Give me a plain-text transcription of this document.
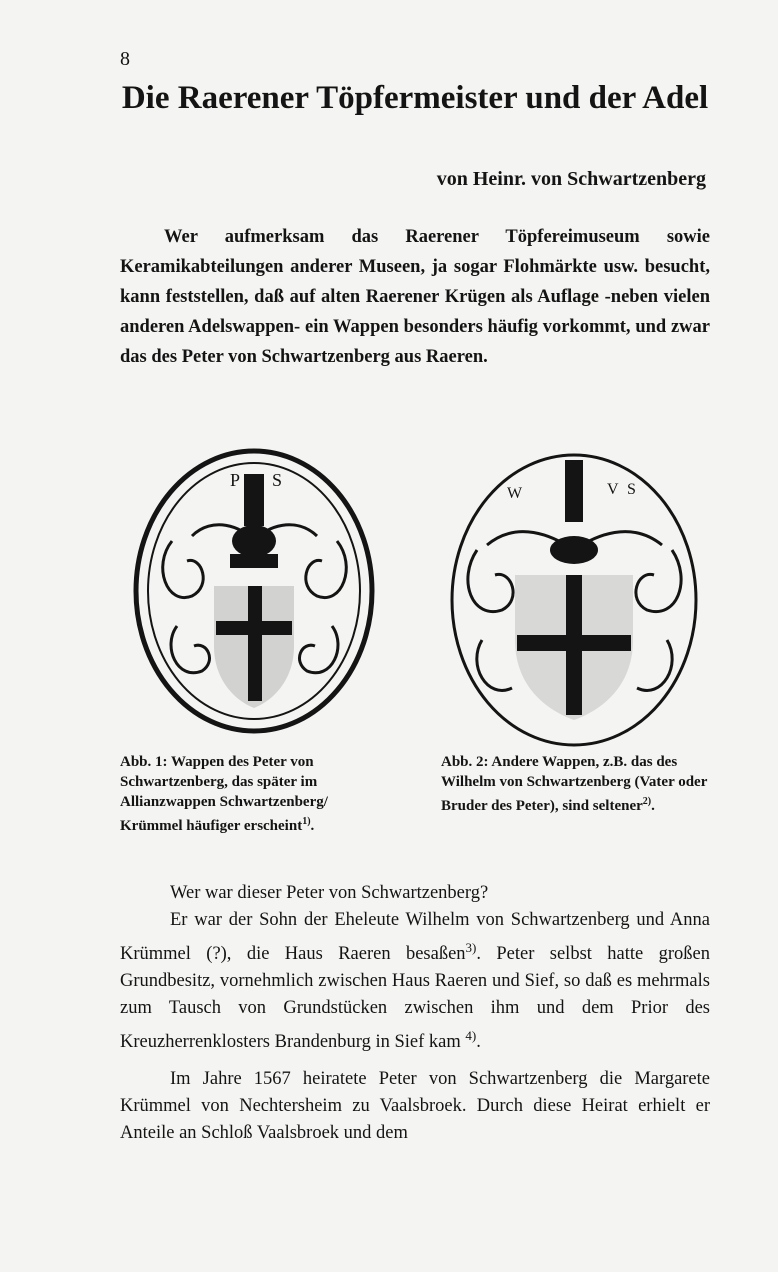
8
Die Raerener Töpfermeister und der Adel
von Heinr. von Schwartzenberg

Wer aufmerksam das Raerener Töpfereimuseum sowie Keramikabteilungen anderer Museen, ja sogar Flohmärkte usw. besucht, kann feststellen, daß auf alten Raerener Krügen als Auflage -neben vielen anderen Adelswappen- ein Wappen besonders häufig vorkommt, und zwar das des Peter von Schwartzenberg aus Raeren.

P S
W	V S
Abb. 1: Wappen des Peter von Schwartzenberg, das später im Allianzwappen Schwartzenberg/ Krümmel häufiger erscheint$^{1)}$.
Abb. 2: Andere Wappen, z.B. das des Wilhelm von Schwartzenberg (Vater oder Bruder des Peter), sind seltener$^{2)}$.

Wer war dieser Peter von Schwartzenberg?

Er war der Sohn der Eheleute Wilhelm von Schwartzenberg und Anna Krümmel (?), die Haus Raeren besaßen$^{3)}$. Peter selbst hatte großen Grundbesitz, vornehmlich zwischen Haus Raeren und Sief, so daß es mehrmals zum Tausch von Grundstücken zwischen ihm und dem Prior des Kreuzherrenklosters Brandenburg in Sief kam $^{4)}$.

Im Jahre 1567 heiratete Peter von Schwartzenberg die Margarete Krümmel von Nechtersheim zu Vaalsbroek. Durch diese Heirat erhielt er Anteile an Schloß Vaalsbroek und dem
